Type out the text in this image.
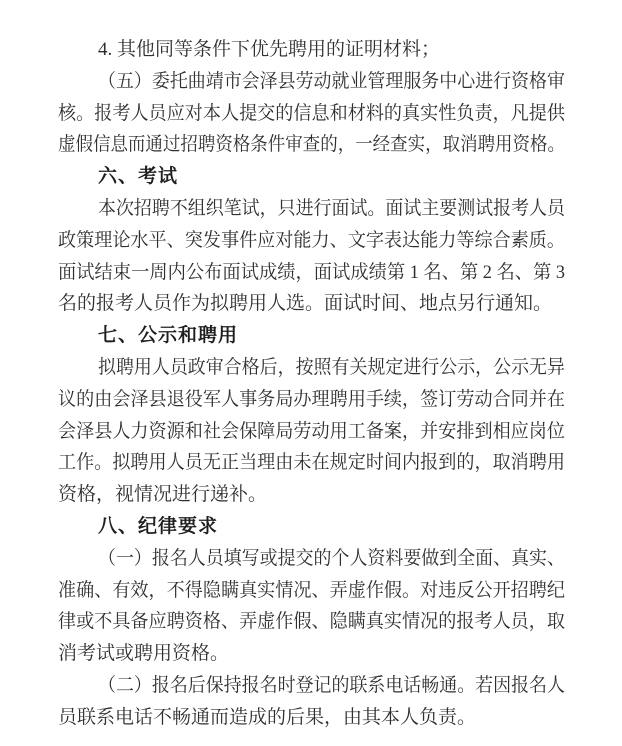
4. 其他同等条件下优先聘用的证明材料；
（五）委托曲靖市会泽县劳动就业管理服务中心进行资格审
核。报考人员应对本人提交的信息和材料的真实性负责，凡提供
虚假信息而通过招聘资格条件审查的，一经查实，取消聘用资格。
六、考试
本次招聘不组织笔试，只进行面试。面试主要测试报考人员
政策理论水平、突发事件应对能力、文字表达能力等综合素质。
面试结束一周内公布面试成绩，面试成绩第 1 名、第 2 名、第 3
名的报考人员作为拟聘用人选。面试时间、地点另行通知。
七、公示和聘用
拟聘用人员政审合格后，按照有关规定进行公示，公示无异
议的由会泽县退役军人事务局办理聘用手续，签订劳动合同并在
会泽县人力资源和社会保障局劳动用工备案，并安排到相应岗位
工作。拟聘用人员无正当理由未在规定时间内报到的，取消聘用
资格，视情况进行递补。
八、纪律要求
（一）报名人员填写或提交的个人资料要做到全面、真实、
准确、有效，不得隐瞒真实情况、弄虚作假。对违反公开招聘纪
律或不具备应聘资格、弄虚作假、隐瞒真实情况的报考人员，取
消考试或聘用资格。
（二）报名后保持报名时登记的联系电话畅通。若因报名人
员联系电话不畅通而造成的后果，由其本人负责。
